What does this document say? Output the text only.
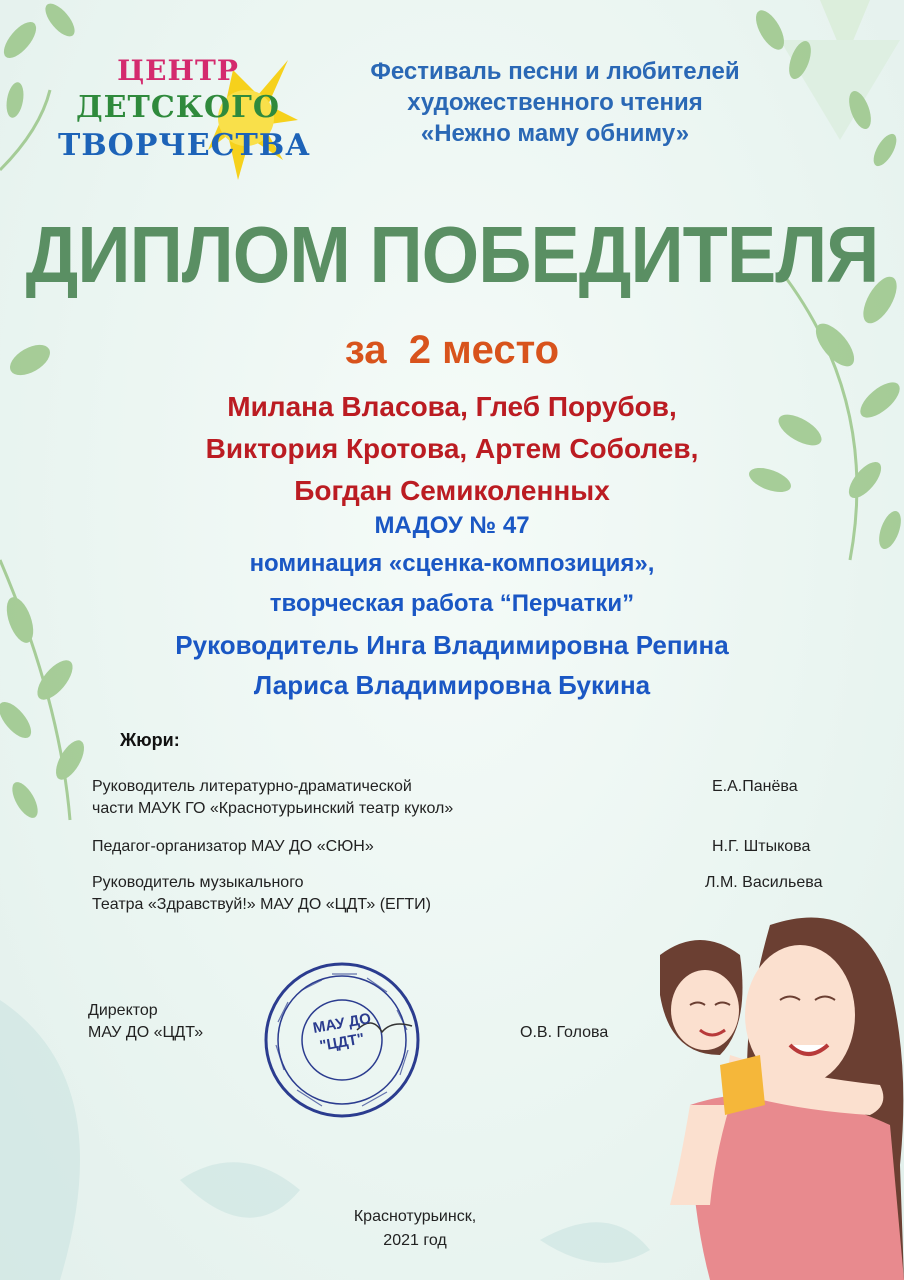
ЦЕНТР
ДЕТСКОГО
ТВОРЧЕСТВА
Фестиваль песни и любителей
художественного чтения
«Нежно маму обниму»
ДИПЛОМ ПОБЕДИТЕЛЯ
за  2 место
Милана Власова, Глеб Порубов,
Виктория Кротова, Артем Соболев,
Богдан Семиколенных
МАДОУ № 47
номинация «сценка-композиция»,
творческая работа “Перчатки”
Руководитель Инга Владимировна Репина
Лариса Владимировна Букина
Жюри:
Руководитель литературно-драматической
части МАУК ГО «Краснотурьинский театр кукол»
Е.А.Панёва
Педагог-организатор МАУ ДО «СЮН»	Н.Г. Штыкова
Руководитель музыкального
Театра «Здравствуй!» МАУ ДО «ЦДТ» (ЕГТИ)
Л.М. Васильева
Директор
МАУ ДО «ЦДТ»	О.В. Голова
МАУ ДО
"ЦДТ"
Краснотурьинск,
2021 год
